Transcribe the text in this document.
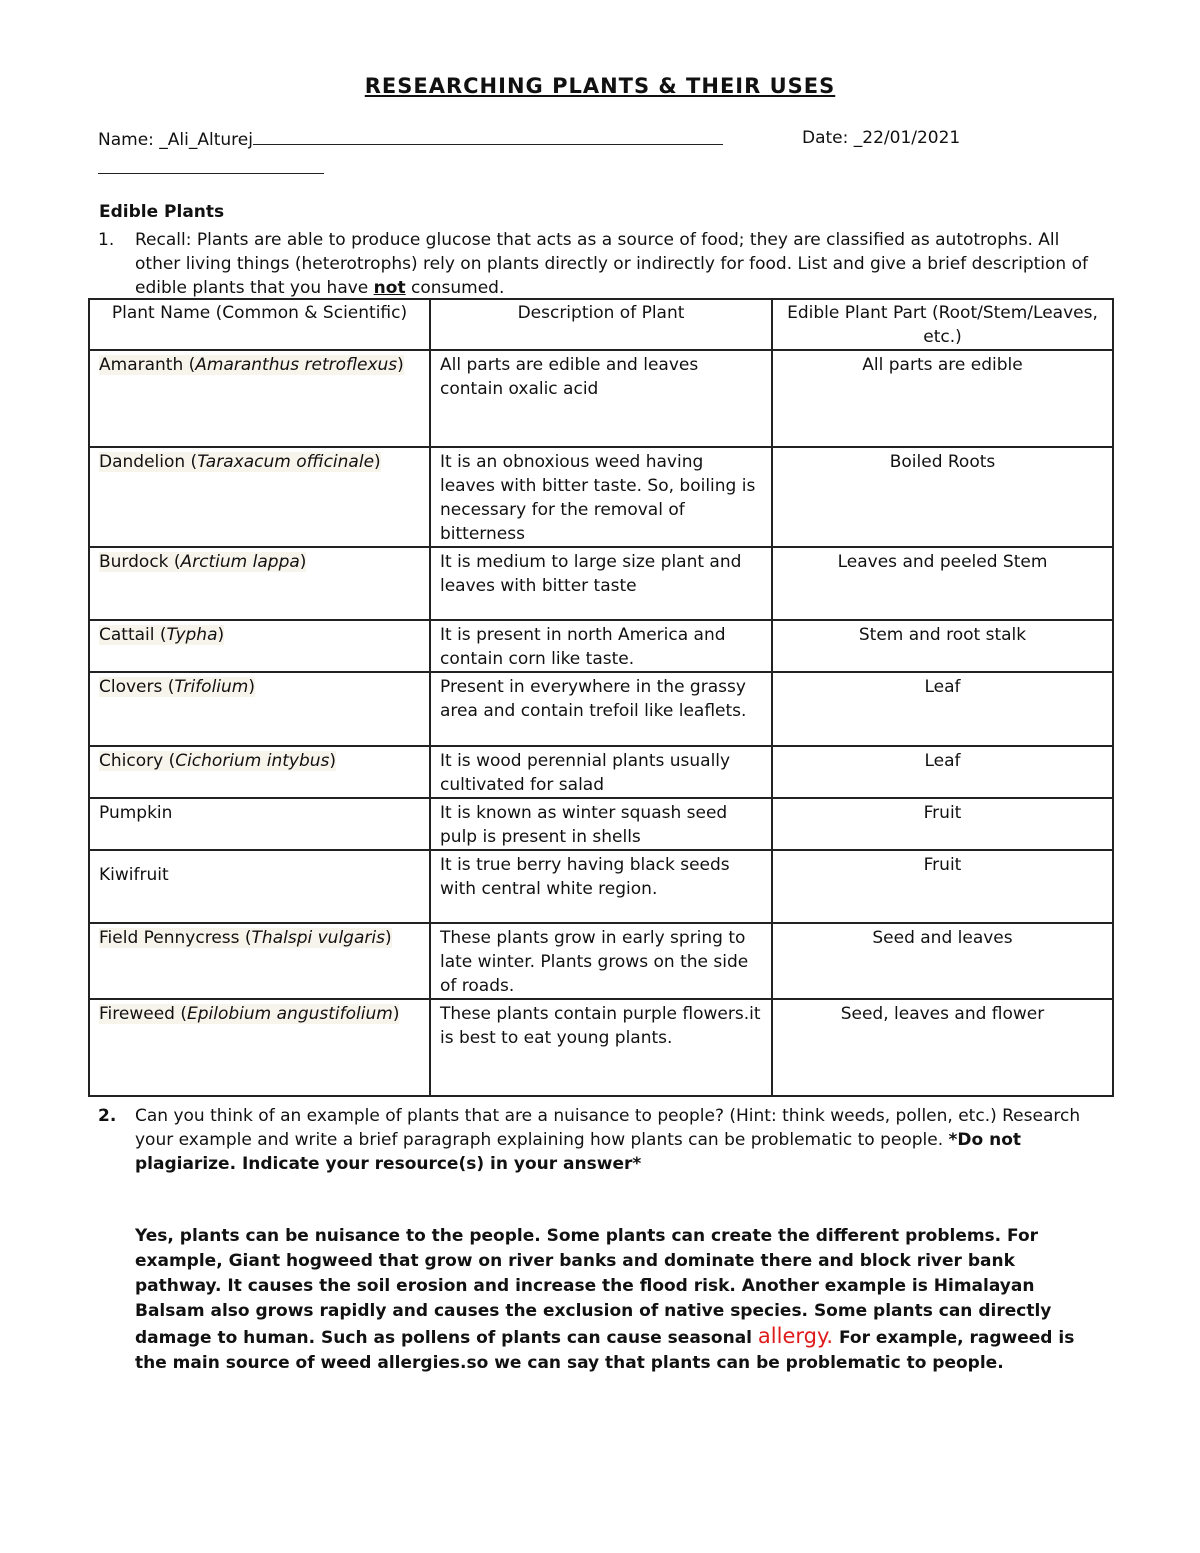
RESEARCHING PLANTS & THEIR USES
Name: _Ali_Alturej	Date: _22/01/2021
Edible Plants
1. Recall: Plants are able to produce glucose that acts as a source of food; they are classified as autotrophs. All other living things (heterotrophs) rely on plants directly or indirectly for food. List and give a brief description of edible plants that you have not consumed.
Plant Name (Common & Scientific)	Description of Plant	Edible Plant Part (Root/Stem/Leaves, etc.)
Amaranth (Amaranthus retroflexus)	All parts are edible and leaves contain oxalic acid	All parts are edible
Dandelion (Taraxacum officinale)	It is an obnoxious weed having leaves with bitter taste. So, boiling is necessary for the removal of bitterness	Boiled Roots
Burdock (Arctium lappa)	It is medium to large size plant and leaves with bitter taste	Leaves and peeled Stem
Cattail (Typha)	It is present in north America and contain corn like taste.	Stem and root stalk
Clovers (Trifolium)	Present in everywhere in the grassy area and contain trefoil like leaflets.	Leaf
Chicory (Cichorium intybus)	It is wood perennial plants usually cultivated for salad	Leaf
Pumpkin	It is known as winter squash seed pulp is present in shells	Fruit
Kiwifruit	It is true berry having black seeds with central white region.	Fruit
Field Pennycress (Thalspi vulgaris)	These plants grow in early spring to late winter. Plants grows on the side of roads.	Seed and leaves
Fireweed (Epilobium angustifolium)	These plants contain purple flowers.it is best to eat young plants.	Seed, leaves and flower
2. Can you think of an example of plants that are a nuisance to people? (Hint: think weeds, pollen, etc.) Research your example and write a brief paragraph explaining how plants can be problematic to people. *Do not plagiarize. Indicate your resource(s) in your answer*
Yes, plants can be nuisance to the people. Some plants can create the different problems. For example, Giant hogweed that grow on river banks and dominate there and block river bank pathway. It causes the soil erosion and increase the flood risk. Another example is Himalayan Balsam also grows rapidly and causes the exclusion of native species. Some plants can directly damage to human. Such as pollens of plants can cause seasonal allergy. For example, ragweed is the main source of weed allergies.so we can say that plants can be problematic to people.
